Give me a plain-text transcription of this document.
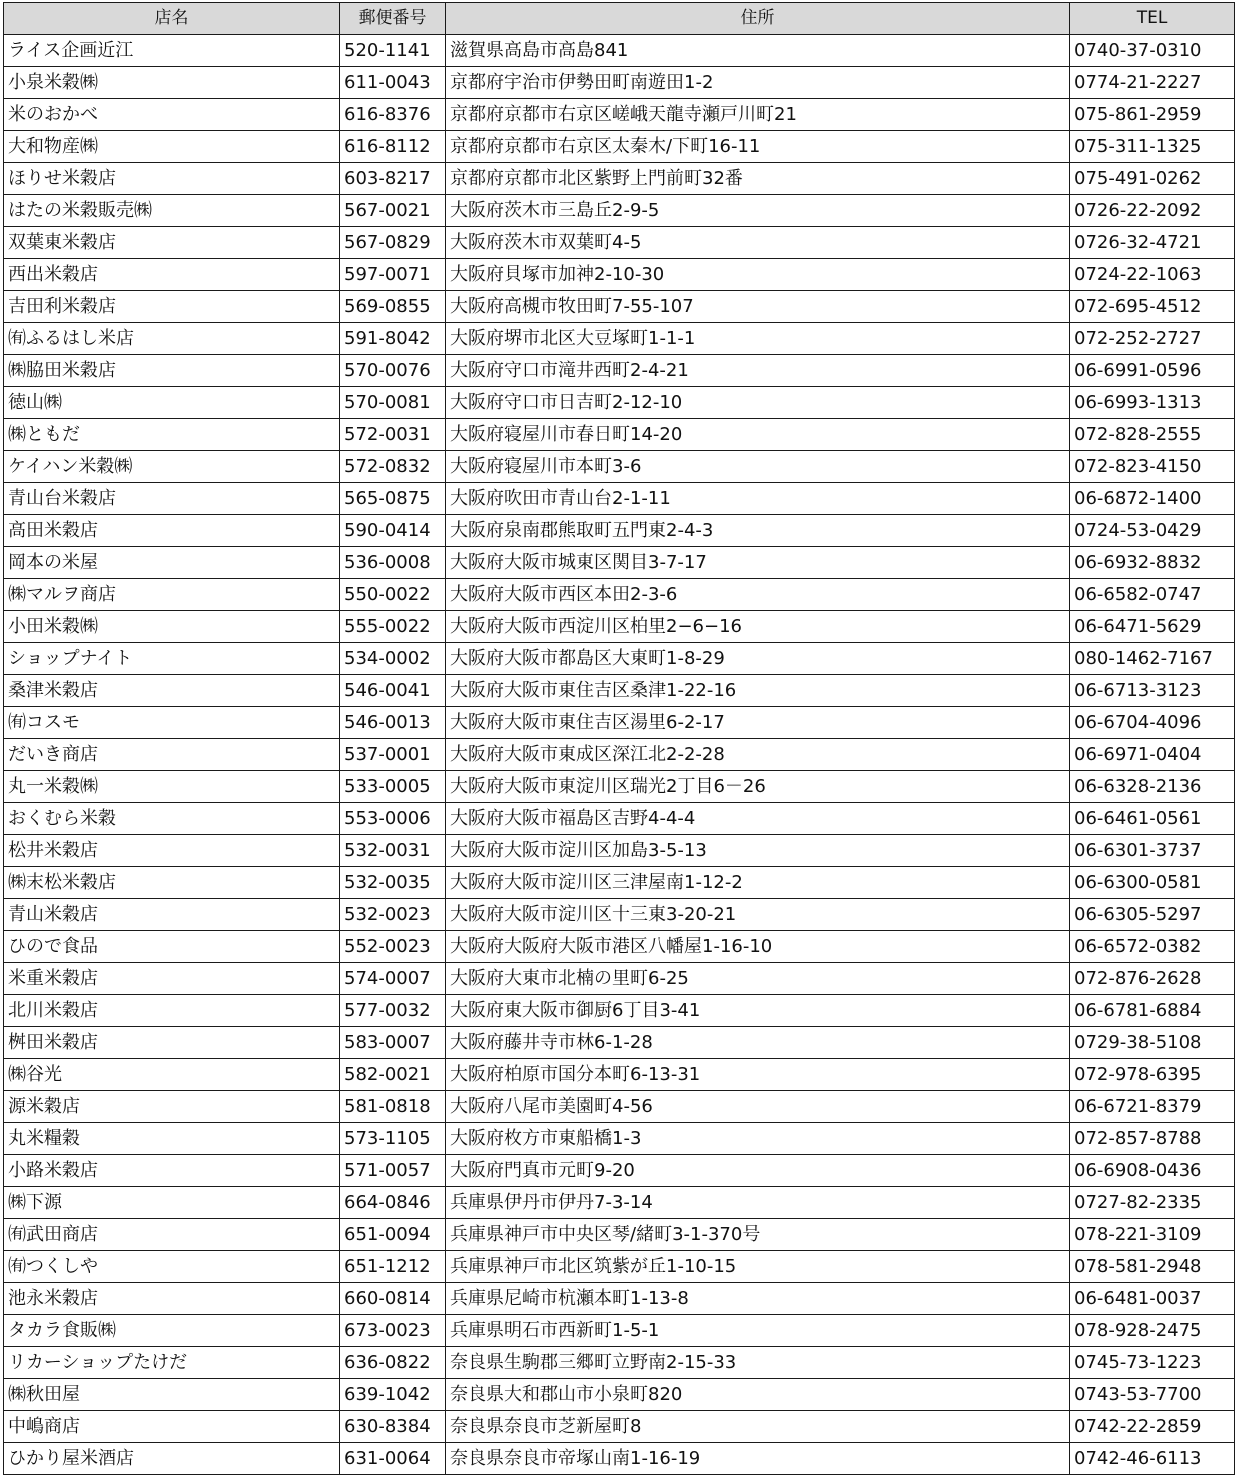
店名	郵便番号	住所	TEL
ライス企画近江	520-1141	滋賀県高島市高島841	0740-37-0310
小泉米穀㈱	611-0043	京都府宇治市伊勢田町南遊田1-2	0774-21-2227
米のおかべ	616-8376	京都府京都市右京区嵯峨天龍寺瀬戸川町21	075-861-2959
大和物産㈱	616-8112	京都府京都市右京区太秦木/下町16-11	075-311-1325
ほりせ米穀店	603-8217	京都府京都市北区紫野上門前町32番	075-491-0262
はたの米穀販売㈱	567-0021	大阪府茨木市三島丘2-9-5	0726-22-2092
双葉東米穀店	567-0829	大阪府茨木市双葉町4-5	0726-32-4721
西出米穀店	597-0071	大阪府貝塚市加神2-10-30	0724-22-1063
吉田利米穀店	569-0855	大阪府高槻市牧田町7-55-107	072-695-4512
㈲ふるはし米店	591-8042	大阪府堺市北区大豆塚町1-1-1	072-252-2727
㈱脇田米穀店	570-0076	大阪府守口市滝井西町2-4-21	06-6991-0596
徳山㈱	570-0081	大阪府守口市日吉町2-12-10	06-6993-1313
㈱ともだ	572-0031	大阪府寝屋川市春日町14-20	072-828-2555
ケイハン米穀㈱	572-0832	大阪府寝屋川市本町3-6	072-823-4150
青山台米穀店	565-0875	大阪府吹田市青山台2-1-11	06-6872-1400
高田米穀店	590-0414	大阪府泉南郡熊取町五門東2-4-3	0724-53-0429
岡本の米屋	536-0008	大阪府大阪市城東区関目3-7-17	06-6932-8832
㈱マルヲ商店	550-0022	大阪府大阪市西区本田2-3-6	06-6582-0747
小田米穀㈱	555-0022	大阪府大阪市西淀川区柏里2−6−16	06-6471-5629
ショップナイト	534-0002	大阪府大阪市都島区大東町1-8-29	080-1462-7167
桑津米穀店	546-0041	大阪府大阪市東住吉区桑津1-22-16	06-6713-3123
㈲コスモ	546-0013	大阪府大阪市東住吉区湯里6-2-17	06-6704-4096
だいき商店	537-0001	大阪府大阪市東成区深江北2-2-28	06-6971-0404
丸一米穀㈱	533-0005	大阪府大阪市東淀川区瑞光2丁目6－26	06-6328-2136
おくむら米穀	553-0006	大阪府大阪市福島区吉野4-4-4	06-6461-0561
松井米穀店	532-0031	大阪府大阪市淀川区加島3-5-13	06-6301-3737
㈱末松米穀店	532-0035	大阪府大阪市淀川区三津屋南1-12-2	06-6300-0581
青山米穀店	532-0023	大阪府大阪市淀川区十三東3-20-21	06-6305-5297
ひので食品	552-0023	大阪府大阪府大阪市港区八幡屋1-16-10	06-6572-0382
米重米穀店	574-0007	大阪府大東市北楠の里町6-25	072-876-2628
北川米穀店	577-0032	大阪府東大阪市御厨6丁目3-41	06-6781-6884
桝田米穀店	583-0007	大阪府藤井寺市林6-1-28	0729-38-5108
㈱谷光	582-0021	大阪府柏原市国分本町6-13-31	072-978-6395
源米穀店	581-0818	大阪府八尾市美園町4-56	06-6721-8379
丸米糧穀	573-1105	大阪府枚方市東船橋1-3	072-857-8788
小路米穀店	571-0057	大阪府門真市元町9-20	06-6908-0436
㈱下源	664-0846	兵庫県伊丹市伊丹7-3-14	0727-82-2335
㈲武田商店	651-0094	兵庫県神戸市中央区琴/緒町3-1-370号	078-221-3109
㈲つくしや	651-1212	兵庫県神戸市北区筑紫が丘1-10-15	078-581-2948
池永米穀店	660-0814	兵庫県尼崎市杭瀬本町1-13-8	06-6481-0037
タカラ食販㈱	673-0023	兵庫県明石市西新町1-5-1	078-928-2475
リカーショップたけだ	636-0822	奈良県生駒郡三郷町立野南2-15-33	0745-73-1223
㈱秋田屋	639-1042	奈良県大和郡山市小泉町820	0743-53-7700
中嶋商店	630-8384	奈良県奈良市芝新屋町8	0742-22-2859
ひかり屋米酒店	631-0064	奈良県奈良市帝塚山南1-16-19	0742-46-6113
